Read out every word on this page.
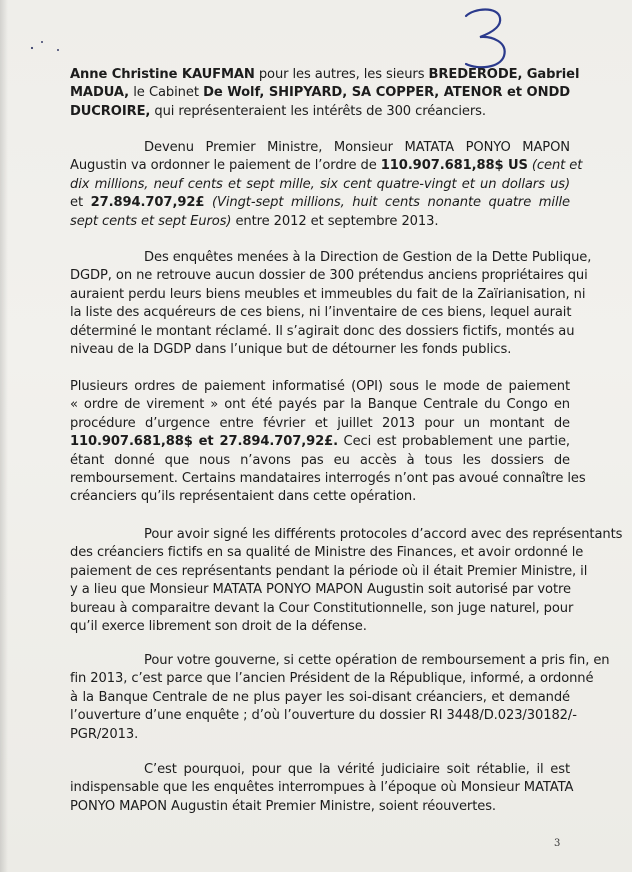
Anne Christine KAUFMAN pour les autres, les sieurs BREDERODE, Gabriel
MADUA, le Cabinet De Wolf, SHIPYARD, SA COPPER, ATENOR et ONDD
DUCROIRE, qui représenteraient les intérêts de 300 créanciers.
Devenu Premier Ministre, Monsieur MATATA PONYO MAPON
Augustin va ordonner le paiement de l’ordre de 110.907.681,88$ US (cent et
dix millions, neuf cents et sept mille, six cent quatre-vingt et un dollars us)
et 27.894.707,92£ (Vingt-sept millions, huit cents nonante quatre mille
sept cents et sept Euros) entre 2012 et septembre 2013.
Des enquêtes menées à la Direction de Gestion de la Dette Publique,
DGDP, on ne retrouve aucun dossier de 300 prétendus anciens propriétaires qui
auraient perdu leurs biens meubles et immeubles du fait de la Zaïrianisation, ni
la liste des acquéreurs de ces biens, ni l’inventaire de ces biens, lequel aurait
déterminé le montant réclamé. Il s’agirait donc des dossiers fictifs, montés au
niveau de la DGDP dans l’unique but de détourner les fonds publics.
Plusieurs ordres de paiement informatisé (OPI) sous le mode de paiement
« ordre de virement » ont été payés par la Banque Centrale du Congo en
procédure d’urgence entre février et juillet 2013 pour un montant de
110.907.681,88$ et 27.894.707,92£. Ceci est probablement une partie,
étant donné que nous n’avons pas eu accès à tous les dossiers de
remboursement. Certains mandataires interrogés n’ont pas avoué connaître les
créanciers qu’ils représentaient dans cette opération.
Pour avoir signé les différents protocoles d’accord avec des représentants
des créanciers fictifs en sa qualité de Ministre des Finances, et avoir ordonné le
paiement de ces représentants pendant la période où il était Premier Ministre, il
y a lieu que Monsieur MATATA PONYO MAPON Augustin soit autorisé par votre
bureau à comparaitre devant la Cour Constitutionnelle, son juge naturel, pour
qu’il exerce librement son droit de la défense.
Pour votre gouverne, si cette opération de remboursement a pris fin, en
fin 2013, c’est parce que l’ancien Président de la République, informé, a ordonné
à la Banque Centrale de ne plus payer les soi-disant créanciers, et demandé
l’ouverture d’une enquête ; d’où l’ouverture du dossier RI 3448/D.023/30182/-
PGR/2013.
C’est pourquoi, pour que la vérité judiciaire soit rétablie, il est
indispensable que les enquêtes interrompues à l’époque où Monsieur MATATA
PONYO MAPON Augustin était Premier Ministre, soient réouvertes.
3
